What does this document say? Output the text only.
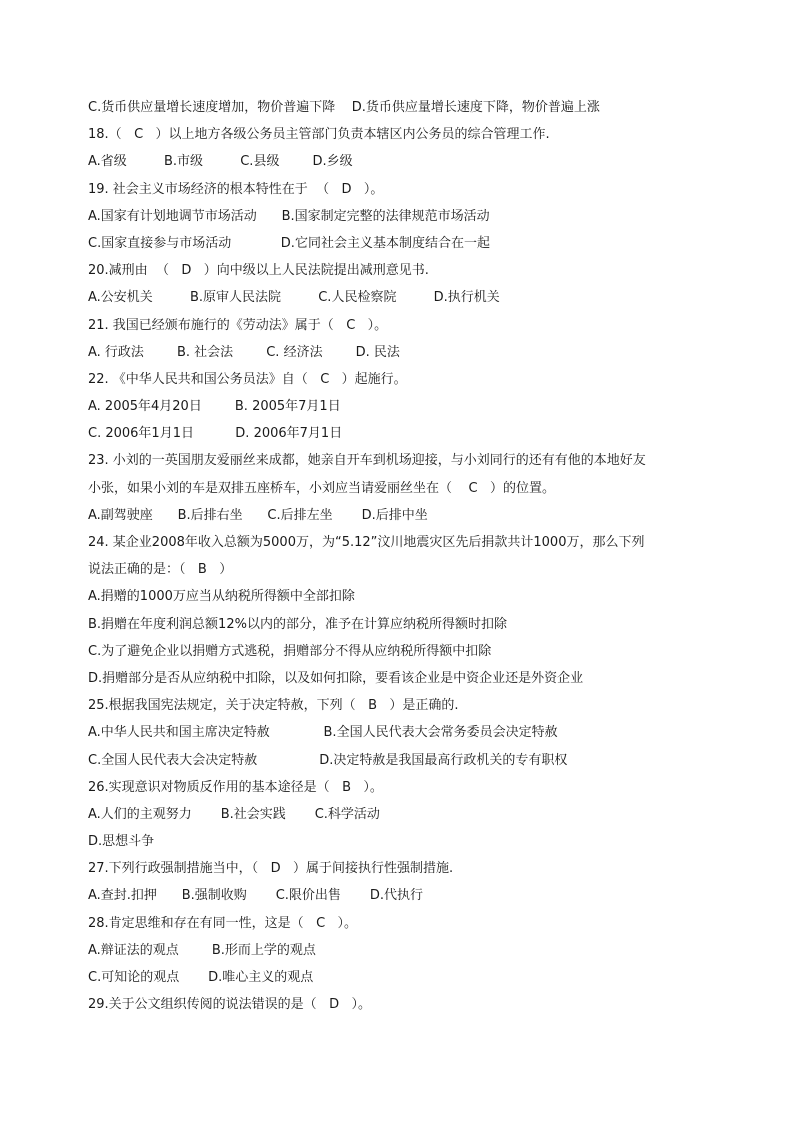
C.货币供应量增长速度增加，物价普遍下降    D.货币供应量增长速度下降，物价普遍上涨
18.（   C   ）以上地方各级公务员主管部门负责本辖区内公务员的综合管理工作.
A.省级         B.市级         C.县级        D.乡级
19. 社会主义市场经济的根本特性在于  （   D   ）。
A.国家有计划地调节市场活动      B.国家制定完整的法律规范市场活动
C.国家直接参与市场活动            D.它同社会主义基本制度结合在一起
20.减刑由  （   D   ）向中级以上人民法院提出减刑意见书.
A.公安机关         B.原审人民法院         C.人民检察院         D.执行机关
21. 我国已经颁布施行的《劳动法》属于（   C   ）。
A. 行政法        B. 社会法        C. 经济法        D. 民法
22. 《中华人民共和国公务员法》自（   C   ）起施行。
A. 2005年4月20日        B. 2005年7月1日
C. 2006年1月1日          D. 2006年7月1日
23. 小刘的一英国朋友爱丽丝来成都，她亲自开车到机场迎接，与小刘同行的还有有他的本地好友
小张，如果小刘的车是双排五座桥车，小刘应当请爱丽丝坐在（    C   ）的位置。
A.副驾驶座      B.后排右坐      C.后排左坐       D.后排中坐
24. 某企业2008年收入总额为5000万，为“5.12”汶川地震灾区先后捐款共计1000万，那么下列
说法正确的是：（   B   ）
A.捐赠的1000万应当从纳税所得额中全部扣除
B.捐赠在年度利润总额12%以内的部分，准予在计算应纳税所得额时扣除
C.为了避免企业以捐赠方式逃税，捐赠部分不得从应纳税所得额中扣除
D.捐赠部分是否从应纳税中扣除，以及如何扣除，要看该企业是中资企业还是外资企业
25.根据我国宪法规定，关于决定特赦，下列（   B   ）是正确的.
A.中华人民共和国主席决定特赦             B.全国人民代表大会常务委员会决定特赦
C.全国人民代表大会决定特赦               D.决定特赦是我国最高行政机关的专有职权
26.实现意识对物质反作用的基本途径是（   B   ）。
A.人们的主观努力       B.社会实践       C.科学活动
D.思想斗争
27.下列行政强制措施当中，（   D   ）属于间接执行性强制措施.
A.查封.扣押      B.强制收购       C.限价出售       D.代执行
28.肯定思维和存在有同一性，这是（   C   ）。
A.辩证法的观点        B.形而上学的观点
C.可知论的观点       D.唯心主义的观点
29.关于公文组织传阅的说法错误的是（   D   ）。
